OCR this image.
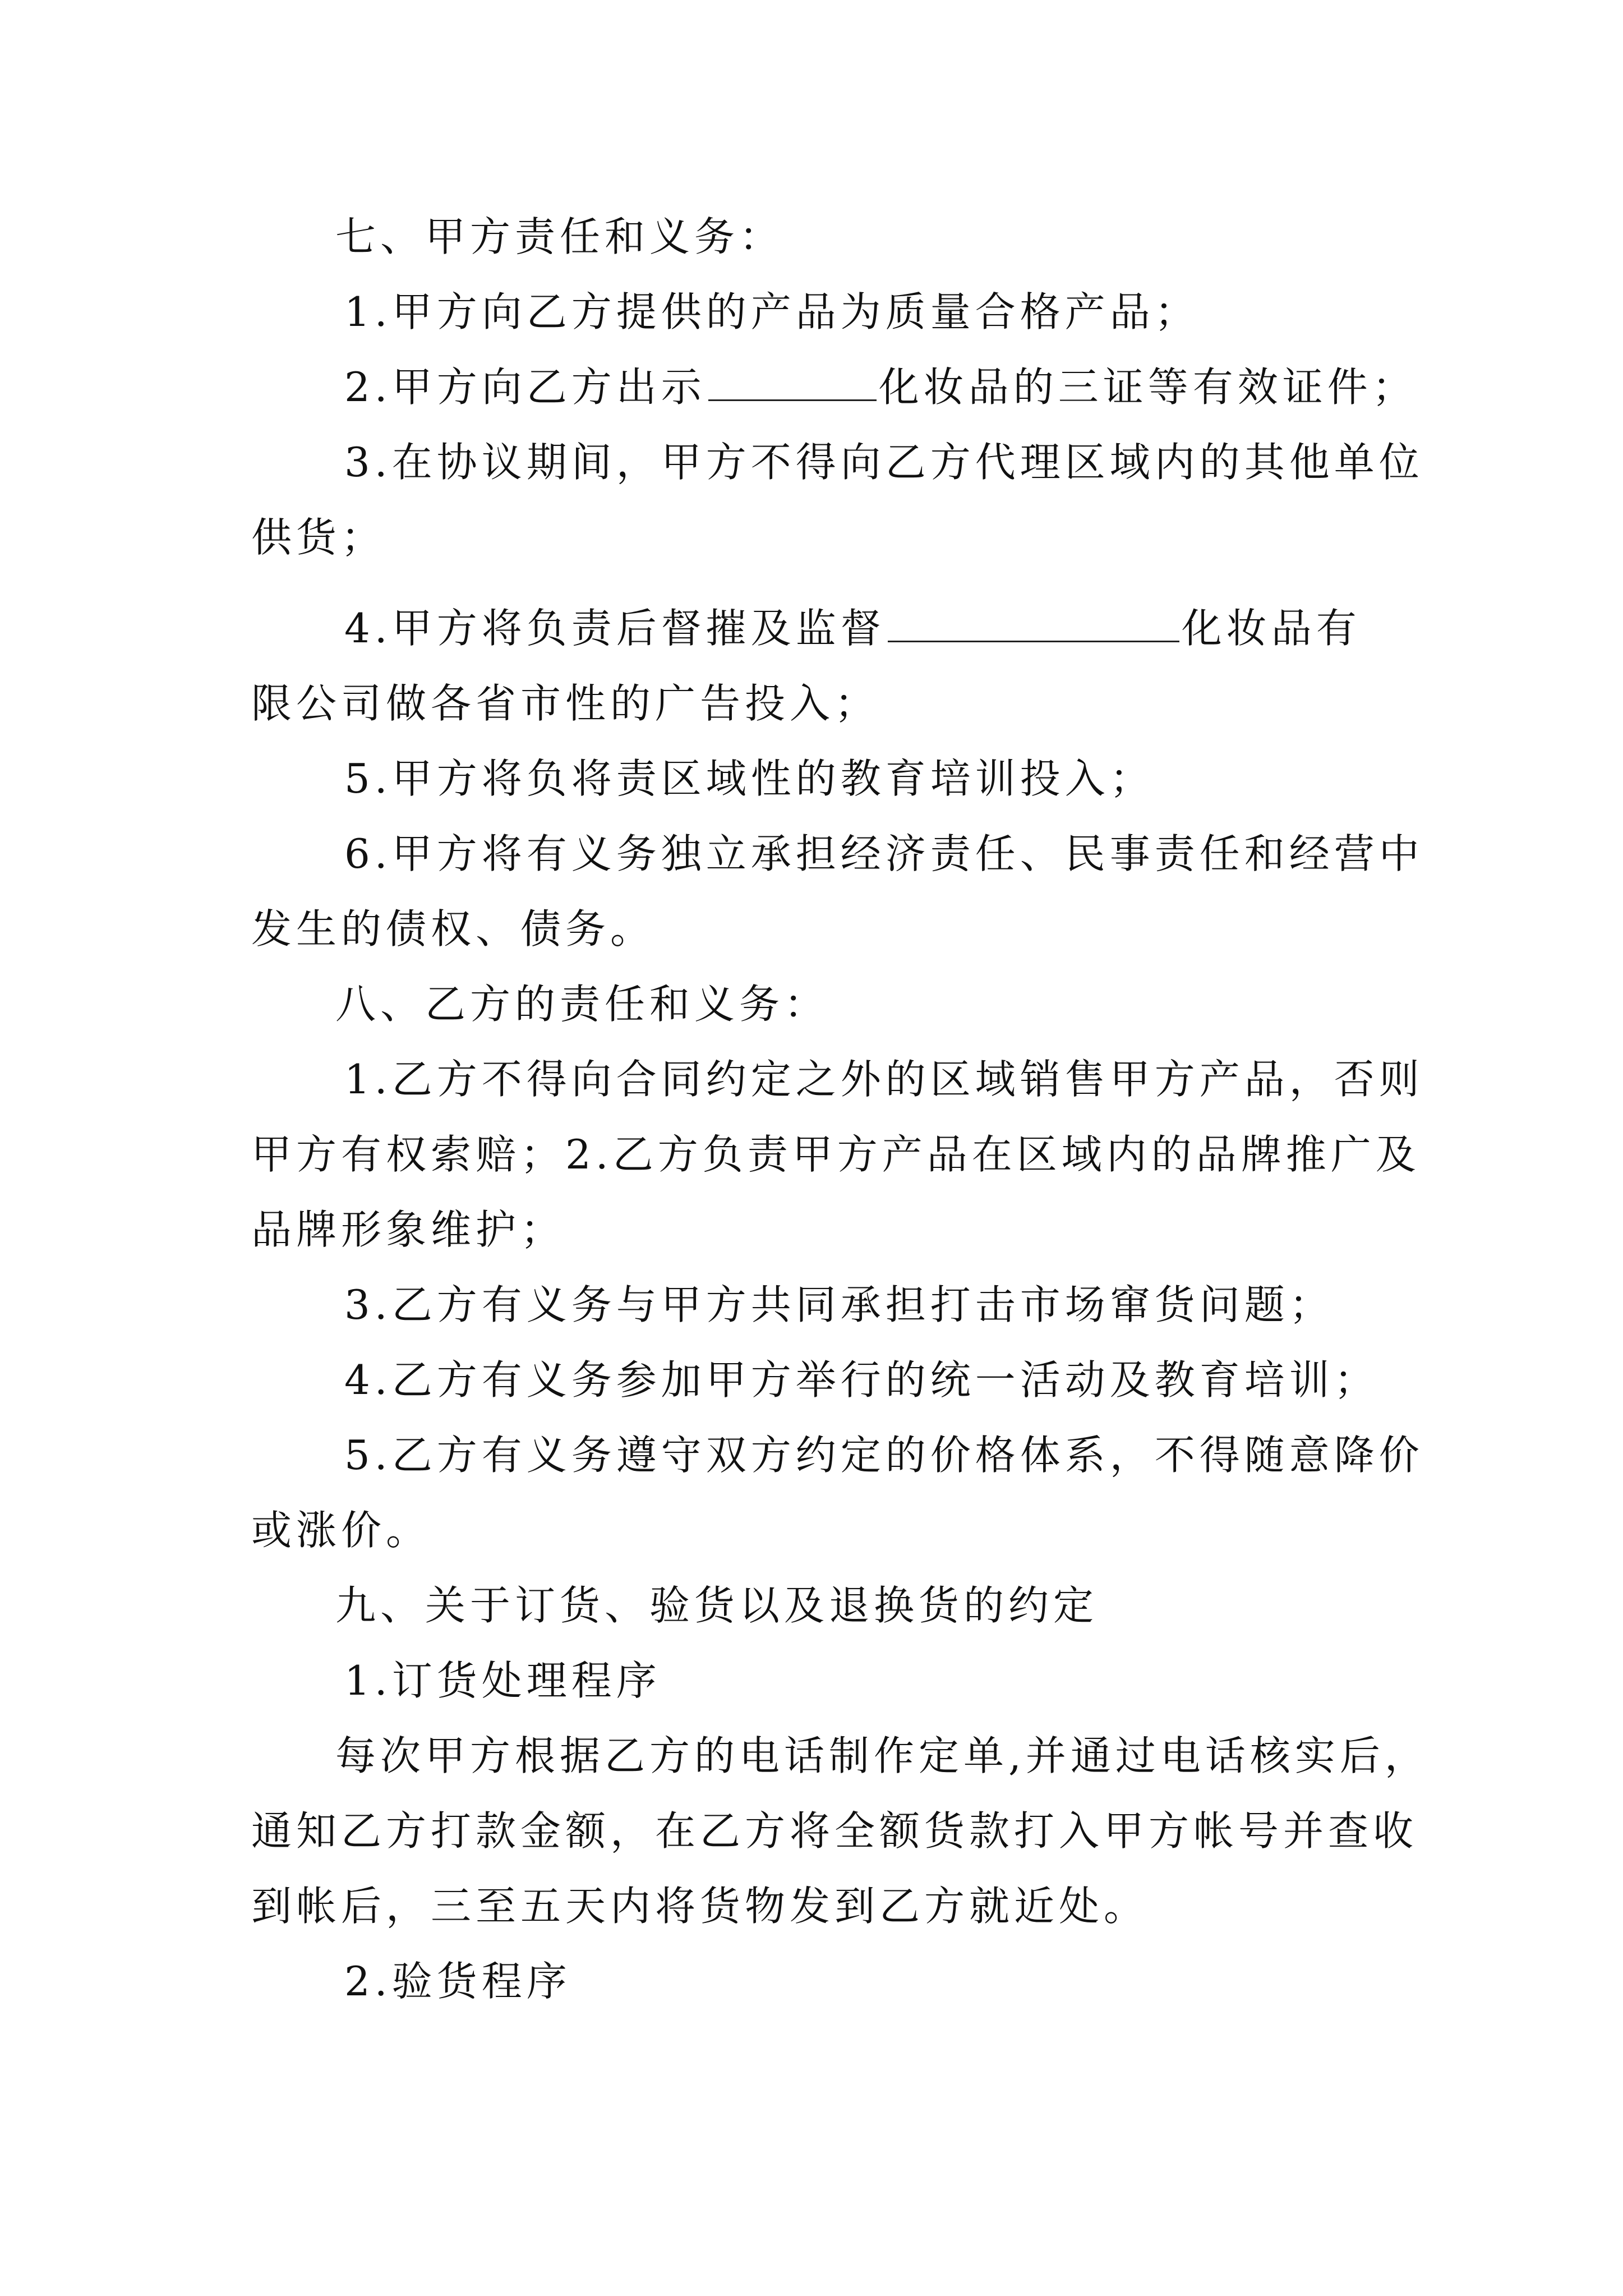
七、甲方责任和义务：
1.甲方向乙方提供的产品为质量合格产品；
2.甲方向乙方出示	化妆品的三证等有效证件；
3.在协议期间，甲方不得向乙方代理区域内的其他单位
供货；
4.甲方将负责后督摧及监督	化妆品有
限公司做各省市性的广告投入；
5.甲方将负将责区域性的教育培训投入；
6.甲方将有义务独立承担经济责任、民事责任和经营中
发生的债权、债务。
八、乙方的责任和义务：
1.乙方不得向合同约定之外的区域销售甲方产品，否则
甲方有权索赔；2.乙方负责甲方产品在区域内的品牌推广及
品牌形象维护；
3.乙方有义务与甲方共同承担打击市场窜货问题；
4.乙方有义务参加甲方举行的统一活动及教育培训；
5.乙方有义务遵守双方约定的价格体系，不得随意降价
或涨价。
九、关于订货、验货以及退换货的约定
1.订货处理程序
每次甲方根据乙方的电话制作定单,并通过电话核实后，
通知乙方打款金额，在乙方将全额货款打入甲方帐号并查收
到帐后，三至五天内将货物发到乙方就近处。
2.验货程序
